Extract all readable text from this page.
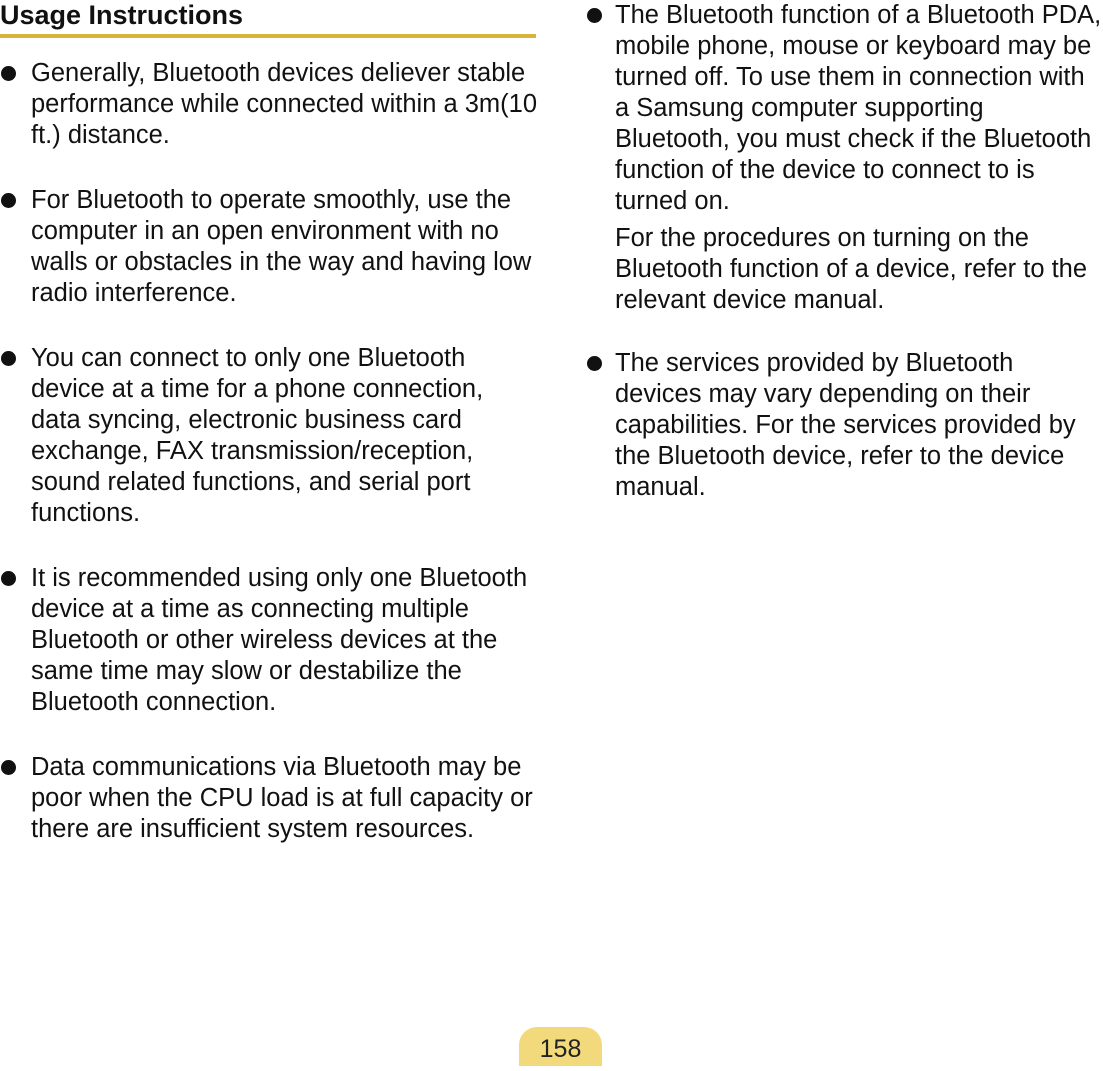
Usage Instructions
Generally, Bluetooth devices deliever stable performance while connected within a 3m(10 ft.) distance.
For Bluetooth to operate smoothly, use the computer in an open environment with no walls or obstacles in the way and having low radio interference.
You can connect to only one Bluetooth device at a time for a phone connection, data syncing, electronic business card exchange, FAX transmission/reception, sound related functions, and serial port functions.
It is recommended using only one Bluetooth device at a time as connecting multiple Bluetooth or other wireless devices at the same time may slow or destabilize the Bluetooth connection.
Data communications via Bluetooth may be poor when the CPU load is at full capacity or there are insufficient system resources.
The Bluetooth function of a Bluetooth PDA, mobile phone, mouse or keyboard may be turned off. To use them in connection with a Samsung computer supporting Bluetooth, you must check if the Bluetooth function of the device to connect to is turned on.
For the procedures on turning on the Bluetooth function of a device, refer to the relevant device manual.
The services provided by Bluetooth devices may vary depending on their capabilities. For the services provided by the Bluetooth device, refer to the device manual.
158
